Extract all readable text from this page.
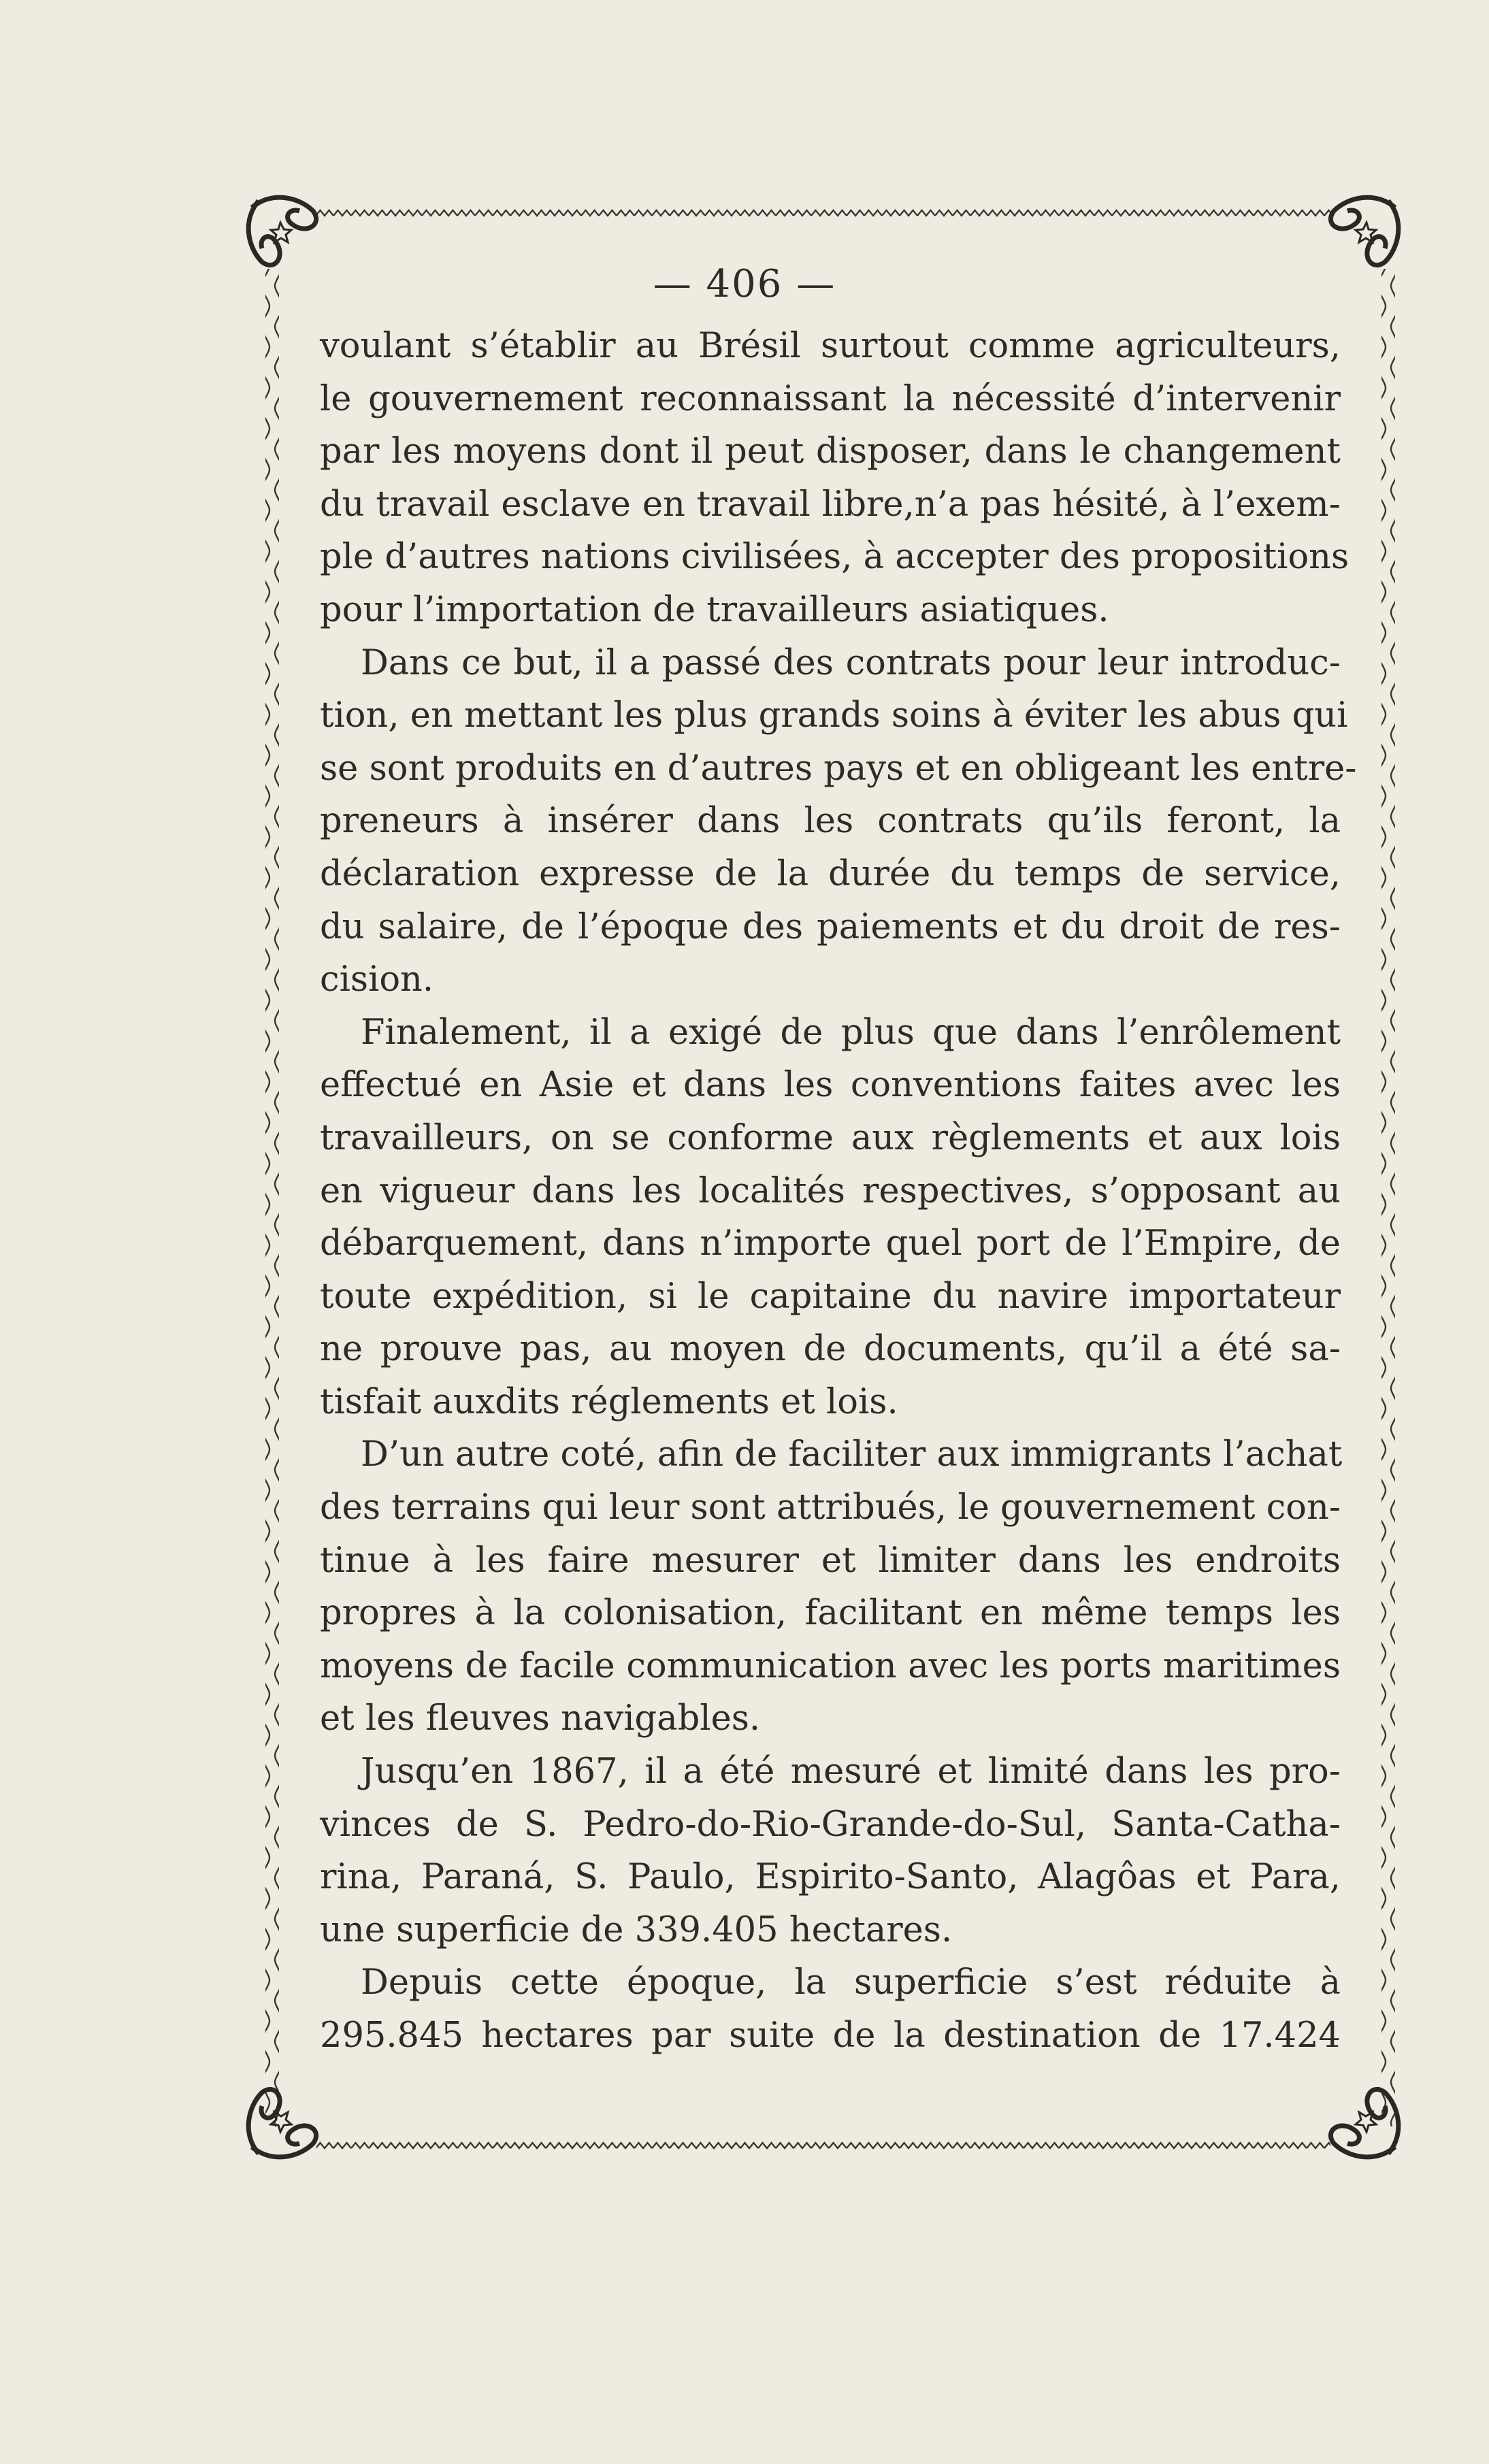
— 406 —
voulant s’établir au Brésil surtout comme agriculteurs,
le gouvernement reconnaissant la nécessité d’intervenir
par les moyens dont il peut disposer, dans le changement
du travail esclave en travail libre,n’a pas hésité, à l’exem-
ple d’autres nations civilisées, à accepter des propositions
pour l’importation de travailleurs asiatiques.
Dans ce but, il a passé des contrats pour leur introduc-
tion, en mettant les plus grands soins à éviter les abus qui
se sont produits en d’autres pays et en obligeant les entre-
preneurs à insérer dans les contrats qu’ils feront, la
déclaration expresse de la durée du temps de service,
du salaire, de l’époque des paiements et du droit de res-
cision.
Finalement, il a exigé de plus que dans l’enrôlement
effectué en Asie et dans les conventions faites avec les
travailleurs, on se conforme aux règlements et aux lois
en vigueur dans les localités respectives, s’opposant au
débarquement, dans n’importe quel port de l’Empire, de
toute expédition, si le capitaine du navire importateur
ne prouve pas, au moyen de documents, qu’il a été sa-
tisfait auxdits réglements et lois.
D’un autre coté, afin de faciliter aux immigrants l’achat
des terrains qui leur sont attribués, le gouvernement con-
tinue à les faire mesurer et limiter dans les endroits
propres à la colonisation, facilitant en même temps les
moyens de facile communication avec les ports maritimes
et les fleuves navigables.
Jusqu’en 1867, il a été mesuré et limité dans les pro-
vinces de S. Pedro-do-Rio-Grande-do-Sul, Santa-Catha-
rina, Paraná, S. Paulo, Espirito-Santo, Alagôas et Para,
une superficie de 339.405 hectares.
Depuis cette époque, la superficie s’est réduite à
295.845 hectares par suite de la destination de 17.424
